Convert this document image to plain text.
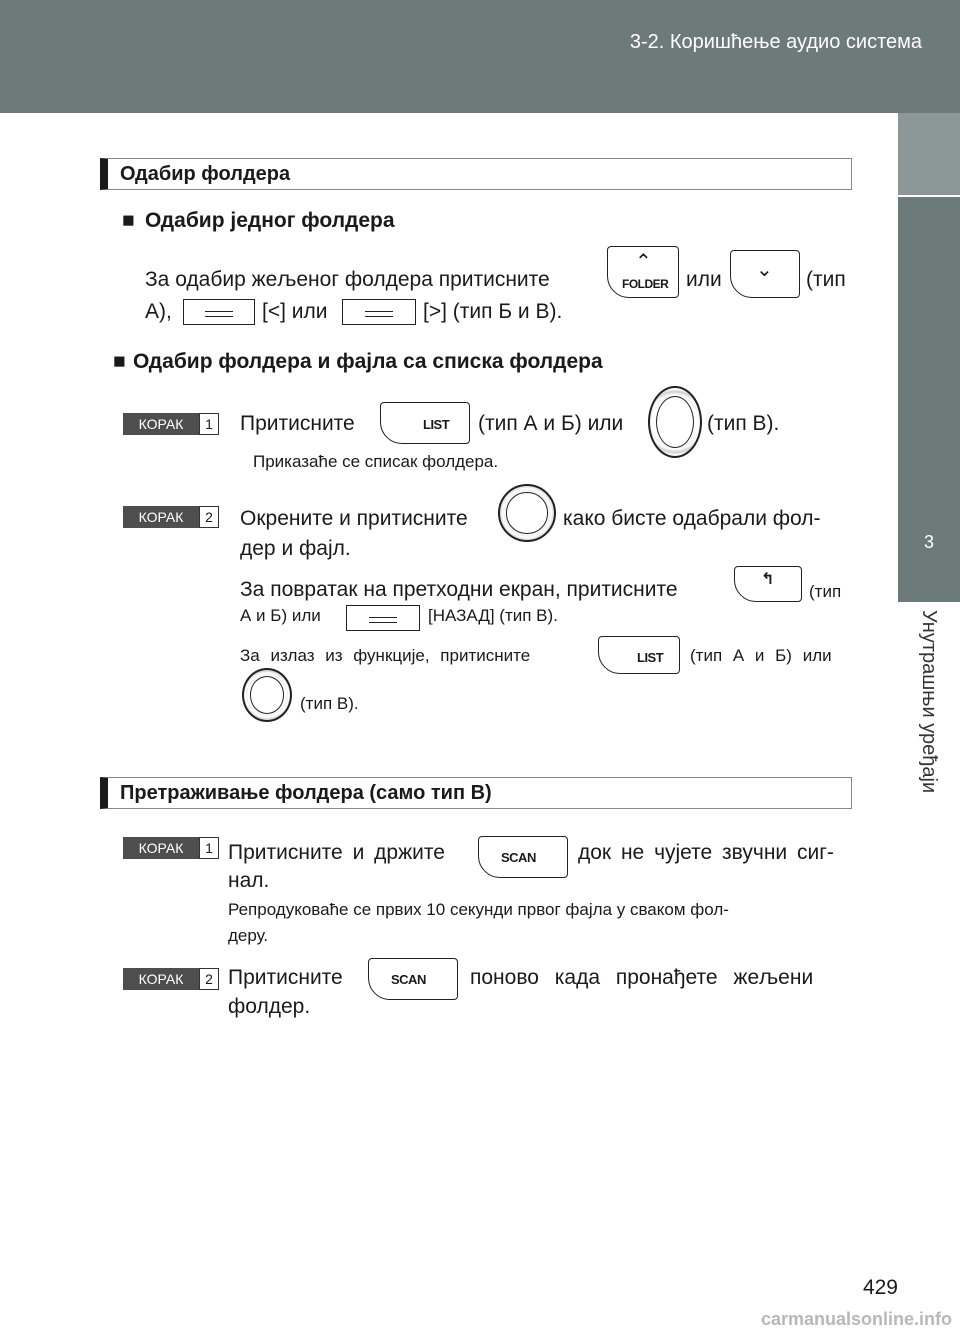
3-2. Коришћење аудио система
3
Унутрашњи уређаји
Одабир фолдера
■ Одабир једног фолдера
За одабир жељеног фолдера притисните
⌃
FOLDER или ⌄ (тип
А),	[<] или	[>] (тип Б и В).
■ Одабир фолдера и фајла са списка фолдера
КОРАК	1 Притисните	LIST (тип А и Б) или	(тип В).
Приказаће се списак фолдера.
КОРАК	2 Окрените и притисните	како бисте одабрали фол-
дер и фајл.
За повратак на претходни екран, притисните	↰
(тип
А и Б) или	[НАЗАД] (тип В).
За излаз из функције, притисните	LIST (тип А и Б) или
(тип В).
Претраживање фолдера (само тип В)
КОРАК	1 Притисните и држите	SCAN док не чујете звучни сиг-
нал.
Репродуковаће се првих 10 секунди првог фајла у сваком фол-
деру.
КОРАК	2 Притисните	SCAN поново када пронађете жељени
фолдер.
429
carmanualsonline.info
